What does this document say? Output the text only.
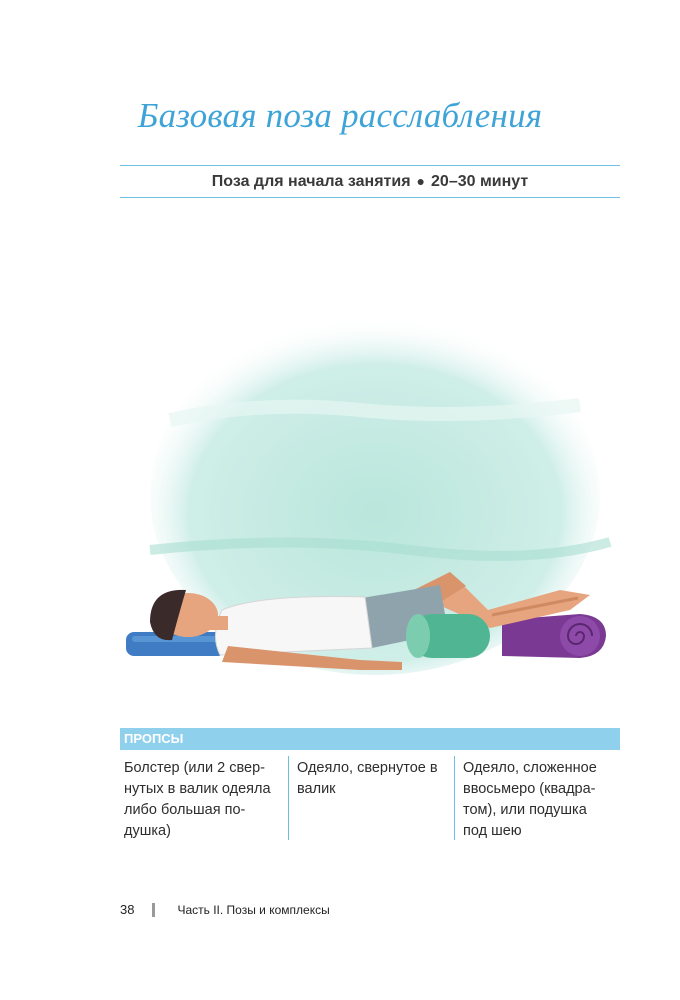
Базовая поза расслабления
Поза для начала занятия ● 20–30 минут
ПРОПСЫ
Болстер (или 2 свернутых в валик одеяла либо большая подушка)
Одеяло, свернутое в валик
Одеяло, сложенное ввосьмеро (квадратом), или подушка под шею
38	Часть II. Позы и комплексы
